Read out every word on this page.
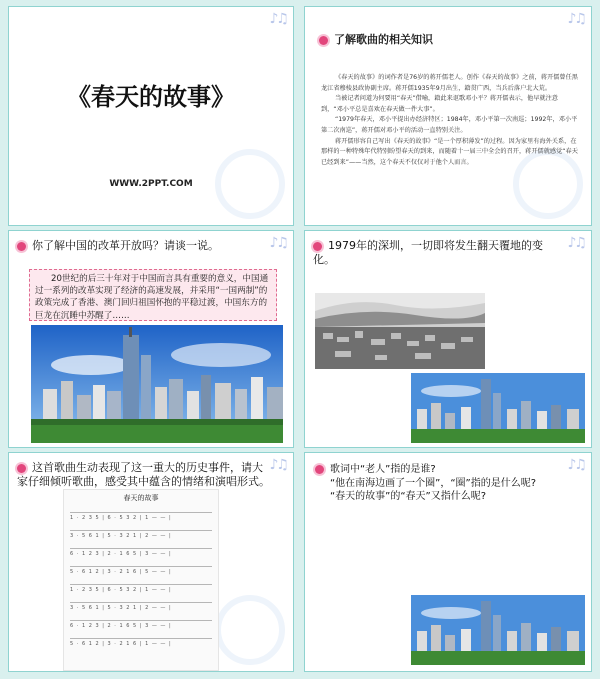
♪♫
《春天的故事》
WWW.2PPT.COM
♪♫
了解歌曲的相关知识

《春天的故事》的词作者是76岁的蒋开儒老人。创作《春天的故事》之前，蒋开儒曾任黑龙江省穆棱县政协副主席。蒋开儒1935年9月出生，籍贯广西，当兵后落户北大荒。

当被记者问道为何要用“春天”借喻，籍此来讴歌邓小平？蒋开儒表示，他早就注意到，“邓小平总是喜欢在春天做一件大事”。

“1979年春天，邓小平提出办经济特区；1984年，邓小平第一次南巡；1992年，邓小平第二次南巡”，蒋开儒对邓小平的活动一直特别关注。

蒋开儒形容自己写出《春天的故事》“是一个厚积薄发”的过程。因为家里有海外关系，在那样的一种特殊年代特别盼望春天的到来，而随着十一届三中全会的召开，蒋开儒就感觉“春天已经到来”——当然，这个春天不仅仅对于他个人而言。

♪♫
你了解中国的改革开放吗？请谈一说。
20世纪的后三十年对于中国而言具有重要的意义，中国通过一系列的改革实现了经济的高速发展，并采用“一国两制”的政策完成了香港、澳门回归祖国怀抱的平稳过渡，中国东方的巨龙在沉睡中苏醒了……
♪♫
1979年的深圳，一切即将发生翻天覆地的变化。
♪♫
这首歌曲生动表现了这一重大的历史事件，请大家仔细倾听歌曲，感受其中蕴含的情绪和演唱形式。
春天的故事
1 · 2 3 5 | 6 · 5 3 2 | 1 — — |
3 · 5 6 1 | 5 · 3 2 1 | 2 — — |
6 · 1 2 3 | 2 · 1 6 5 | 3 — — |
5 · 6 1 2 | 3 · 2 1 6 | 5 — — |
1 · 2 3 5 | 6 · 5 3 2 | 1 — — |
3 · 5 6 1 | 5 · 3 2 1 | 2 — — |
6 · 1 2 3 | 2 · 1 6 5 | 3 — — |
5 · 6 1 2 | 3 · 2 1 6 | 1 — — |
♪♫
歌词中“老人”指的是谁?
“他在南海边画了一个圈”，“圈”指的是什么呢?
“春天的故事”的“春天”又指什么呢?
